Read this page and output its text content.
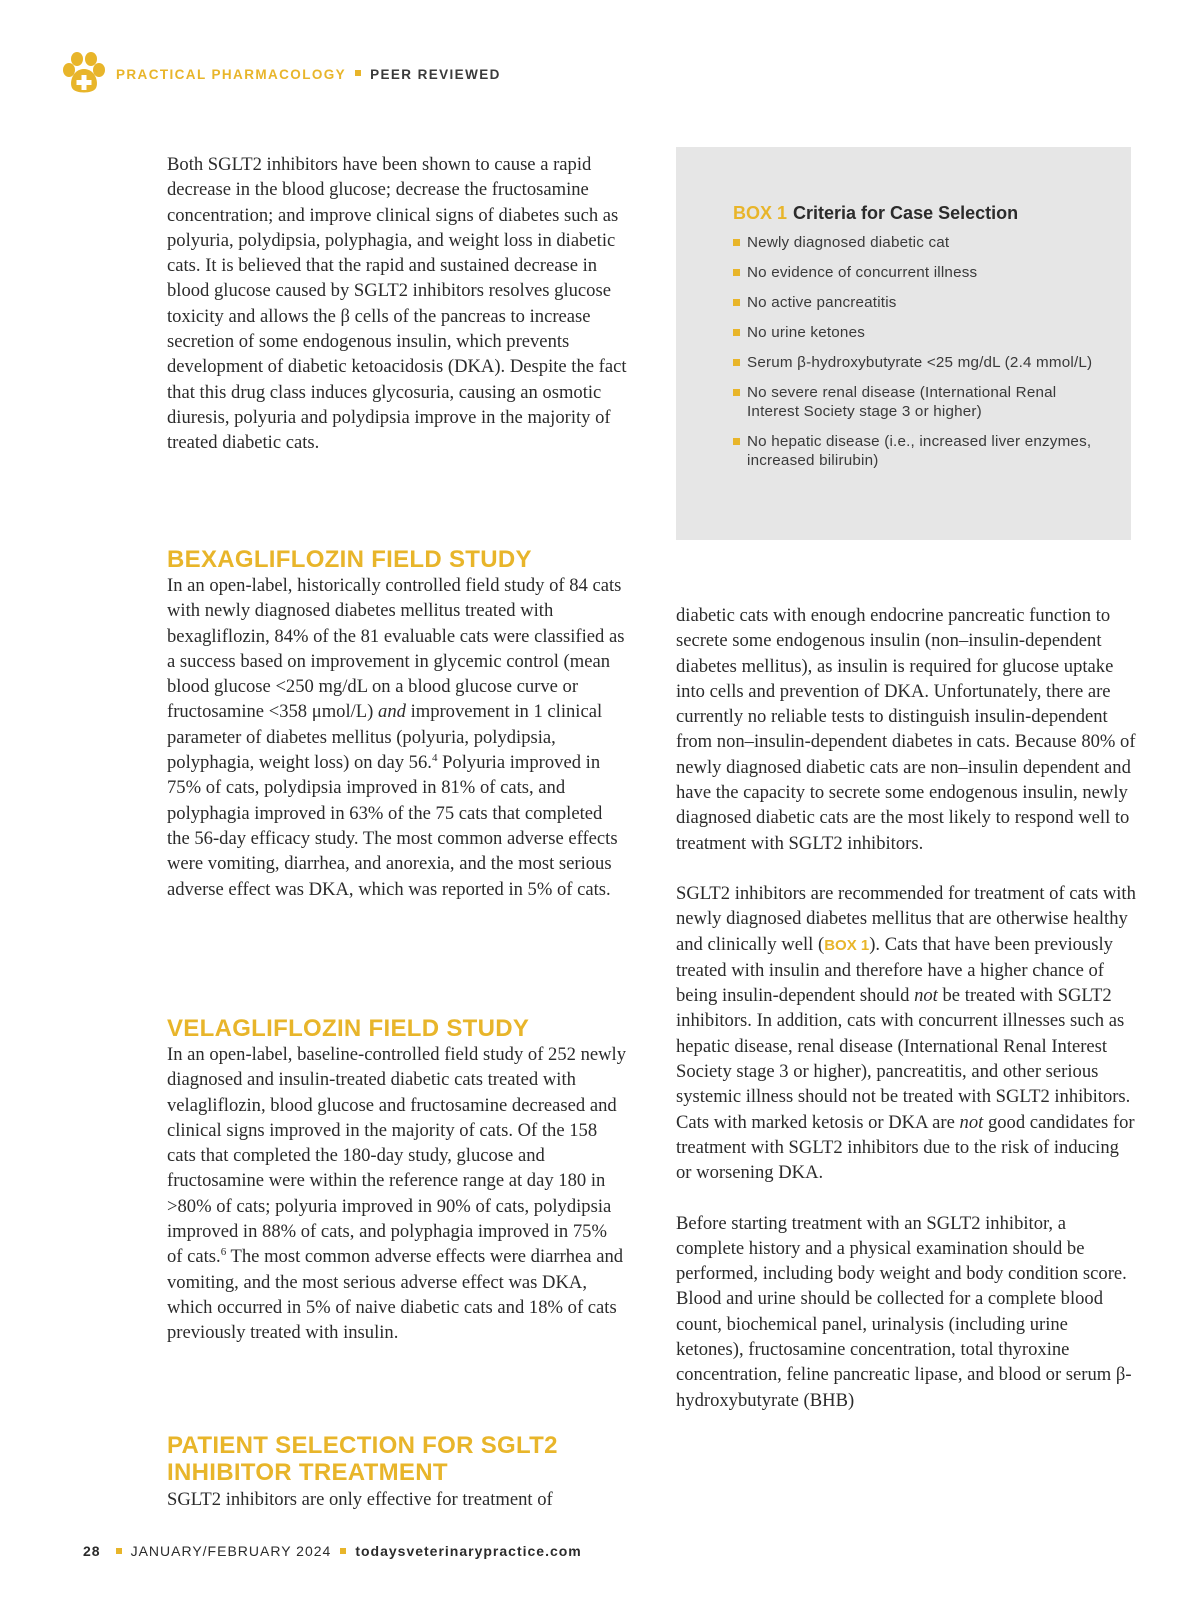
PRACTICAL PHARMACOLOGY PEER REVIEWED

Both SGLT2 inhibitors have been shown to cause a rapid decrease in the blood glucose; decrease the fructosamine concentration; and improve clinical signs of diabetes such as polyuria, polydipsia, polyphagia, and weight loss in diabetic cats. It is believed that the rapid and sustained decrease in blood glucose caused by SGLT2 inhibitors resolves glucose toxicity and allows the β cells of the pancreas to increase secretion of some endogenous insulin, which prevents development of diabetic ketoacidosis (DKA). Despite the fact that this drug class induces glycosuria, causing an osmotic diuresis, polyuria and polydipsia improve in the majority of treated diabetic cats.

BOX 1 Criteria for Case Selection
Newly diagnosed diabetic cat
No evidence of concurrent illness
No active pancreatitis
No urine ketones
Serum β-hydroxybutyrate <25 mg/dL (2.4 mmol/L)
No severe renal disease (International Renal Interest Society stage 3 or higher)
No hepatic disease (i.e., increased liver enzymes, increased bilirubin)
BEXAGLIFLOZIN FIELD STUDY

In an open-label, historically controlled field study of 84 cats with newly diagnosed diabetes mellitus treated with bexagliflozin, 84% of the 81 evaluable cats were classified as a success based on improvement in glycemic control (mean blood glucose <250 mg/dL on a blood glucose curve or fructosamine <358 μmol/L) and improvement in 1 clinical parameter of diabetes mellitus (polyuria, polydipsia, polyphagia, weight loss) on day 56.$^4$ Polyuria improved in 75% of cats, polydipsia improved in 81% of cats, and polyphagia improved in 63% of the 75 cats that completed the 56-day efficacy study. The most common adverse effects were vomiting, diarrhea, and anorexia, and the most serious adverse effect was DKA, which was reported in 5% of cats.

VELAGLIFLOZIN FIELD STUDY

In an open-label, baseline-controlled field study of 252 newly diagnosed and insulin-treated diabetic cats treated with velagliflozin, blood glucose and fructosamine decreased and clinical signs improved in the majority of cats. Of the 158 cats that completed the 180-day study, glucose and fructosamine were within the reference range at day 180 in >80% of cats; polyuria improved in 90% of cats, polydipsia improved in 88% of cats, and polyphagia improved in 75% of cats.$^6$ The most common adverse effects were diarrhea and vomiting, and the most serious adverse effect was DKA, which occurred in 5% of naive diabetic cats and 18% of cats previously treated with insulin.

PATIENT SELECTION FOR SGLT2
INHIBITOR TREATMENT

SGLT2 inhibitors are only effective for treatment of

diabetic cats with enough endocrine pancreatic function to secrete some endogenous insulin (non–insulin-dependent diabetes mellitus), as insulin is required for glucose uptake into cells and prevention of DKA. Unfortunately, there are currently no reliable tests to distinguish insulin-dependent from non–insulin-dependent diabetes in cats. Because 80% of newly diagnosed diabetic cats are non–insulin dependent and have the capacity to secrete some endogenous insulin, newly diagnosed diabetic cats are the most likely to respond well to treatment with SGLT2 inhibitors.

SGLT2 inhibitors are recommended for treatment of cats with newly diagnosed diabetes mellitus that are otherwise healthy and clinically well (BOX 1). Cats that have been previously treated with insulin and therefore have a higher chance of being insulin-dependent should not be treated with SGLT2 inhibitors. In addition, cats with concurrent illnesses such as hepatic disease, renal disease (International Renal Interest Society stage 3 or higher), pancreatitis, and other serious systemic illness should not be treated with SGLT2 inhibitors. Cats with marked ketosis or DKA are not good candidates for treatment with SGLT2 inhibitors due to the risk of inducing or worsening DKA.

Before starting treatment with an SGLT2 inhibitor, a complete history and a physical examination should be performed, including body weight and body condition score. Blood and urine should be collected for a complete blood count, biochemical panel, urinalysis (including urine ketones), fructosamine concentration, total thyroxine concentration, feline pancreatic lipase, and blood or serum β-hydroxybutyrate (BHB)

28 JANUARY/FEBRUARY 2024 todaysveterinarypractice.com
